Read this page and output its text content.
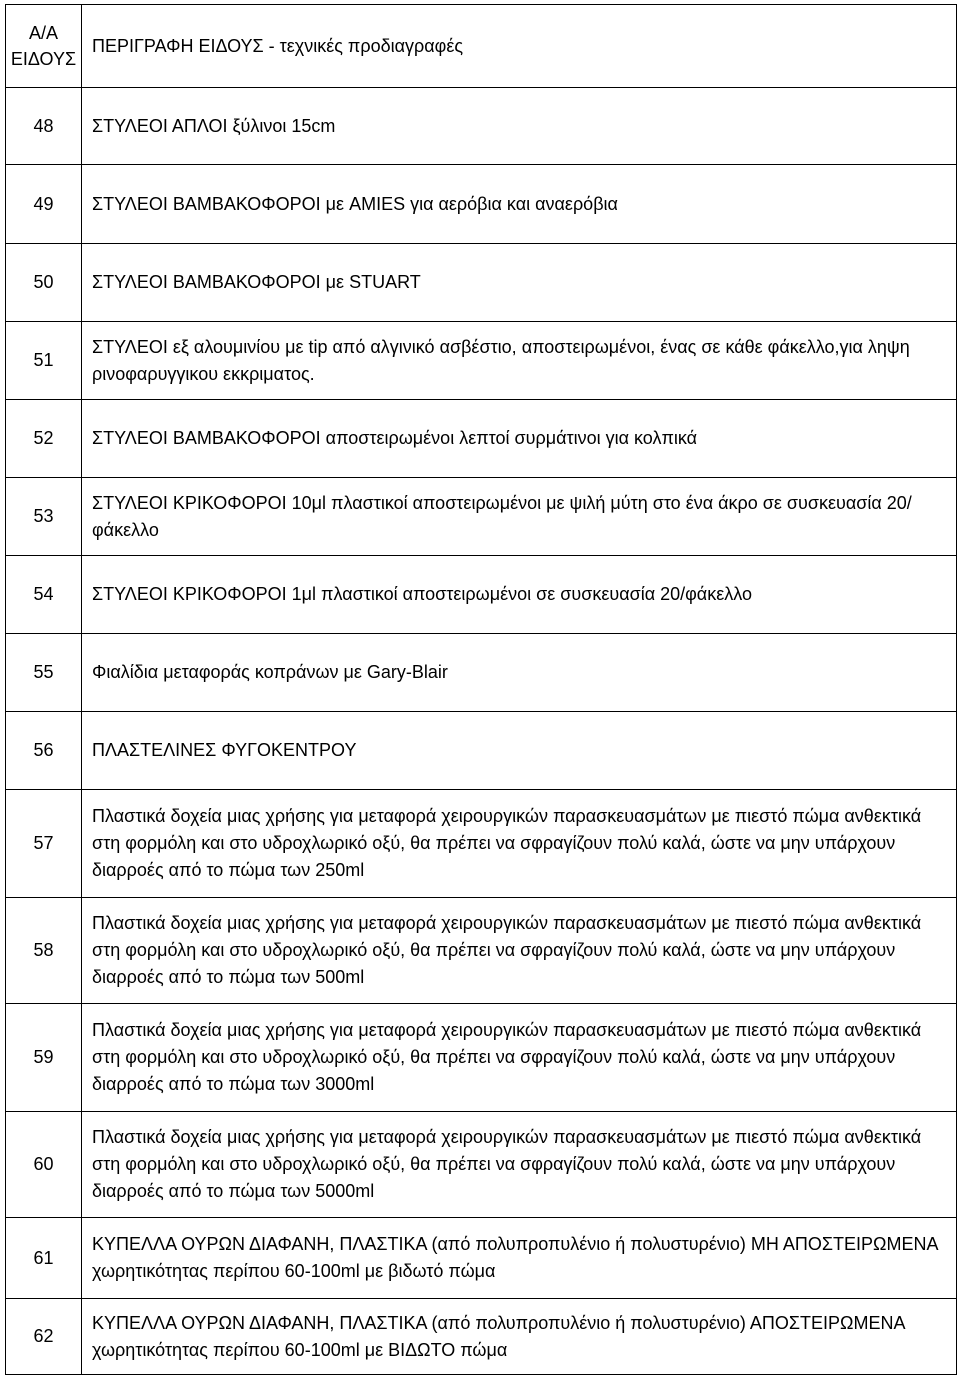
Α/Α
ΕΙΔΟΥΣ	ΠΕΡΙΓΡΑΦΗ ΕΙΔΟΥΣ - τεχνικές προδιαγραφές
48	ΣΤΥΛΕΟΙ ΑΠΛΟΙ ξύλινοι 15cm
49	ΣΤΥΛΕΟΙ ΒΑΜΒΑΚΟΦΟΡΟΙ με AMIES για αερόβια και αναερόβια
50	ΣΤΥΛΕΟΙ ΒΑΜΒΑΚΟΦΟΡΟΙ με STUART
51	ΣΤΥΛΕΟΙ εξ αλουμινίου με tip από αλγινικό ασβέστιο, αποστειρωμένοι, ένας σε κάθε φάκελλο,για ληψη ρινοφαρυγγικου εκκριματος.
52	ΣΤΥΛΕΟΙ ΒΑΜΒΑΚΟΦΟΡΟΙ αποστειρωμένοι λεπτοί συρμάτινοι για κολπικά
53	ΣΤΥΛΕΟΙ ΚΡΙΚΟΦΟΡΟΙ 10μl πλαστικοί αποστειρωμένοι με ψιλή μύτη στο ένα άκρο σε συσκευασία 20/φάκελλο
54	ΣΤΥΛΕΟΙ ΚΡΙΚΟΦΟΡΟΙ 1μl πλαστικοί αποστειρωμένοι σε συσκευασία 20/φάκελλο
55	Φιαλίδια μεταφοράς κοπράνων με Gary-Blair
56	ΠΛΑΣΤΕΛΙΝΕΣ ΦΥΓΟΚΕΝΤΡΟΥ
57	Πλαστικά δοχεία μιας χρήσης για μεταφορά χειρουργικών παρασκευασμάτων με πιεστό πώμα ανθεκτικά στη φορμόλη και στο υδροχλωρικό οξύ, θα πρέπει να σφραγίζουν πολύ καλά, ώστε να μην υπάρχουν διαρροές από το πώμα των 250ml
58	Πλαστικά δοχεία μιας χρήσης για μεταφορά χειρουργικών παρασκευασμάτων με πιεστό πώμα ανθεκτικά στη φορμόλη και στο υδροχλωρικό οξύ, θα πρέπει να σφραγίζουν πολύ καλά, ώστε να μην υπάρχουν διαρροές από το πώμα των 500ml
59	Πλαστικά δοχεία μιας χρήσης για μεταφορά χειρουργικών παρασκευασμάτων με πιεστό πώμα ανθεκτικά στη φορμόλη και στο υδροχλωρικό οξύ, θα πρέπει να σφραγίζουν πολύ καλά, ώστε να μην υπάρχουν διαρροές από το πώμα των 3000ml
60	Πλαστικά δοχεία μιας χρήσης για μεταφορά χειρουργικών παρασκευασμάτων με πιεστό πώμα ανθεκτικά στη φορμόλη και στο υδροχλωρικό οξύ, θα πρέπει να σφραγίζουν πολύ καλά, ώστε να μην υπάρχουν διαρροές από το πώμα των 5000ml
61	ΚΥΠΕΛΛΑ ΟΥΡΩΝ ΔΙΑΦΑΝΗ, ΠΛΑΣΤΙΚΑ (από πολυπροπυλένιο ή πολυστυρένιο) ΜΗ ΑΠΟΣΤΕΙΡΩΜΕΝΑ χωρητικότητας περίπου 60-100ml με βιδωτό πώμα
62	ΚΥΠΕΛΛΑ ΟΥΡΩΝ ΔΙΑΦΑΝΗ, ΠΛΑΣΤΙΚΑ (από πολυπροπυλένιο ή πολυστυρένιο) ΑΠΟΣΤΕΙΡΩΜΕΝΑ χωρητικότητας περίπου 60-100ml με ΒΙΔΩΤΟ πώμα
